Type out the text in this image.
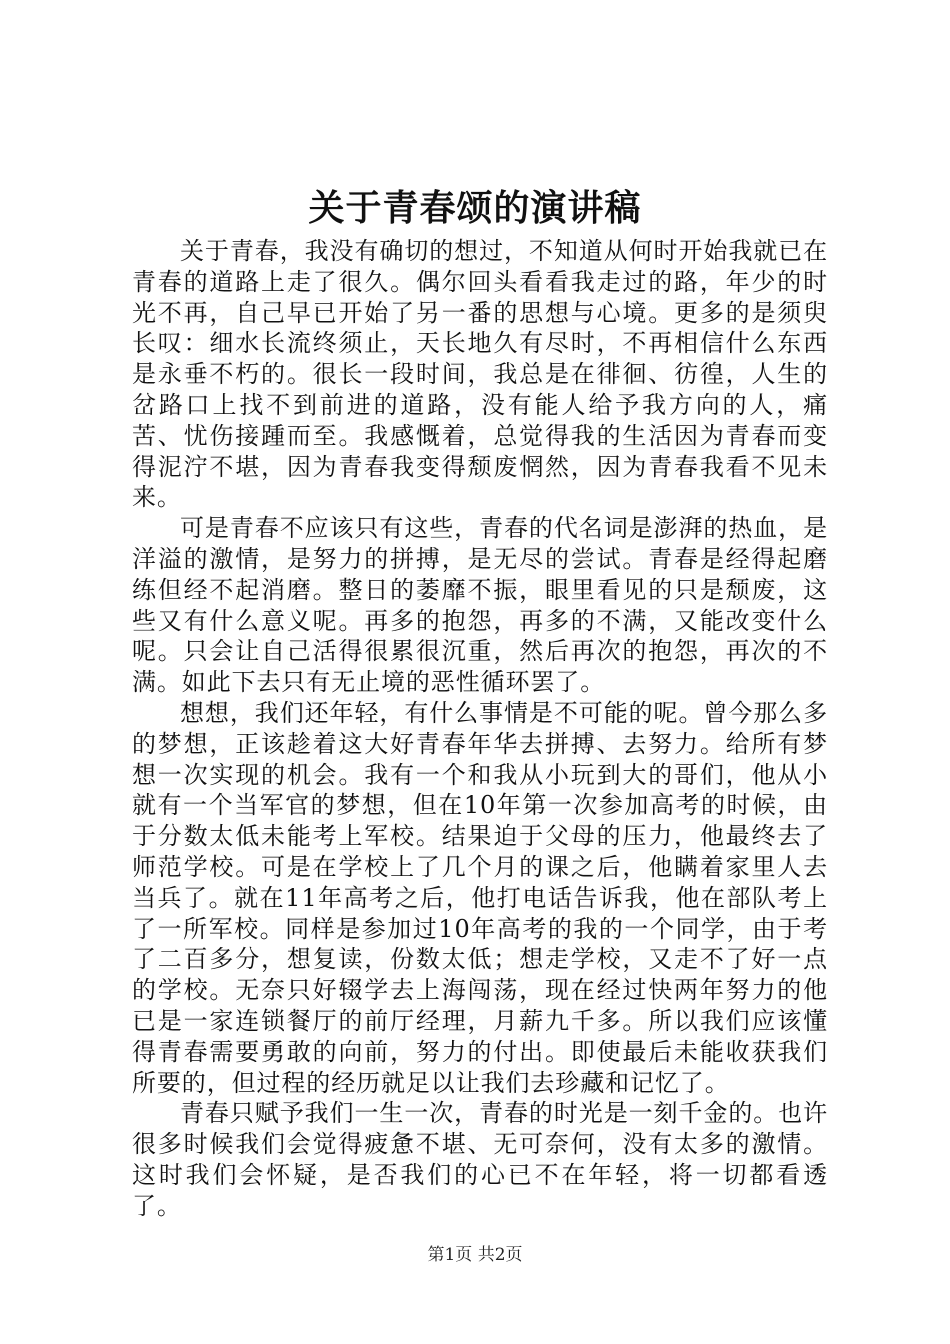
关于青春颂的演讲稿

关于青春，我没有确切的想过，不知道从何时开始我就已在青春的道路上走了很久。偶尔回头看看我走过的路，年少的时光不再，自己早已开始了另一番的思想与心境。更多的是须臾长叹：细水长流终须止，天长地久有尽时，不再相信什么东西是永垂不朽的。很长一段时间，我总是在徘徊、彷徨，人生的岔路口上找不到前进的道路，没有能人给予我方向的人，痛苦、忧伤接踵而至。我感慨着，总觉得我的生活因为青春而变得泥泞不堪，因为青春我变得颓废惘然，因为青春我看不见未来。

可是青春不应该只有这些，青春的代名词是澎湃的热血，是洋溢的激情，是努力的拼搏，是无尽的尝试。青春是经得起磨练但经不起消磨。整日的萎靡不振，眼里看见的只是颓废，这些又有什么意义呢。再多的抱怨，再多的不满，又能改变什么呢。只会让自己活得很累很沉重，然后再次的抱怨，再次的不满。如此下去只有无止境的恶性循环罢了。

想想，我们还年轻，有什么事情是不可能的呢。曾今那么多的梦想，正该趁着这大好青春年华去拼搏、去努力。给所有梦想一次实现的机会。我有一个和我从小玩到大的哥们，他从小就有一个当军官的梦想，但在10年第一次参加高考的时候，由于分数太低未能考上军校。结果迫于父母的压力，他最终去了师范学校。可是在学校上了几个月的课之后，他瞒着家里人去当兵了。就在11年高考之后，他打电话告诉我，他在部队考上了一所军校。同样是参加过10年高考的我的一个同学，由于考了二百多分，想复读，份数太低；想走学校，又走不了好一点的学校。无奈只好辍学去上海闯荡，现在经过快两年努力的他已是一家连锁餐厅的前厅经理，月薪九千多。所以我们应该懂得青春需要勇敢的向前，努力的付出。即使最后未能收获我们所要的，但过程的经历就足以让我们去珍藏和记忆了。

青春只赋予我们一生一次，青春的时光是一刻千金的。也许很多时候我们会觉得疲惫不堪、无可奈何，没有太多的激情。这时我们会怀疑，是否我们的心已不在年轻，将一切都看透了。

第1页 共2页
